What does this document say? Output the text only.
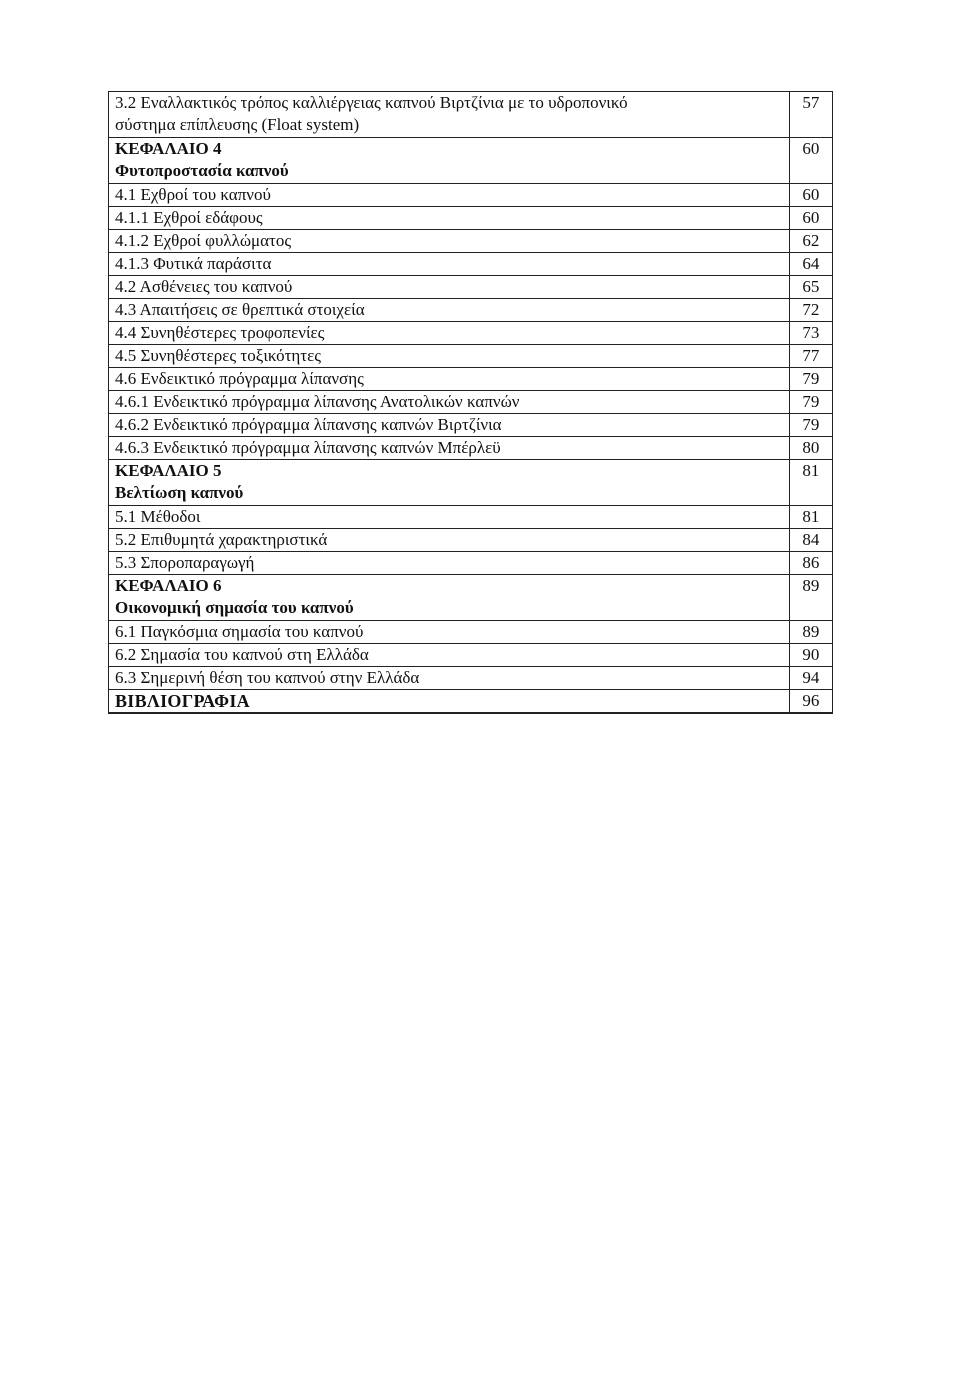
3.2 Εναλλακτικός τρόπος καλλιέργειας καπνού Βιρτζίνια με το υδροπονικό
σύστημα επίπλευσης (Float system)	57

ΚΕΦΑΛΑΙΟ 4
Φυτοπροστασία καπνού	60

4.1 Εχθροί του καπνού	60

4.1.1 Εχθροί εδάφους	60

4.1.2 Εχθροί φυλλώματος	62

4.1.3 Φυτικά παράσιτα	64

4.2 Ασθένειες του καπνού	65

4.3 Απαιτήσεις σε θρεπτικά στοιχεία	72

4.4 Συνηθέστερες τροφοπενίες	73

4.5 Συνηθέστερες τοξικότητες	77

4.6 Ενδεικτικό πρόγραμμα λίπανσης	79

4.6.1 Ενδεικτικό πρόγραμμα λίπανσης Ανατολικών καπνών	79

4.6.2 Ενδεικτικό πρόγραμμα λίπανσης καπνών Βιρτζίνια	79

4.6.3 Ενδεικτικό πρόγραμμα λίπανσης καπνών Μπέρλεϋ	80

ΚΕΦΑΛΑΙΟ 5
Βελτίωση καπνού	81

5.1 Μέθοδοι	81

5.2 Επιθυμητά χαρακτηριστικά	84

5.3 Σποροπαραγωγή	86

ΚΕΦΑΛΑΙΟ 6
Οικονομική σημασία του καπνού	89

6.1 Παγκόσμια σημασία του καπνού	89

6.2 Σημασία του καπνού στη Ελλάδα	90

6.3 Σημερινή θέση του καπνού στην Ελλάδα	94

ΒΙΒΛΙΟΓΡΑΦΙΑ	96
